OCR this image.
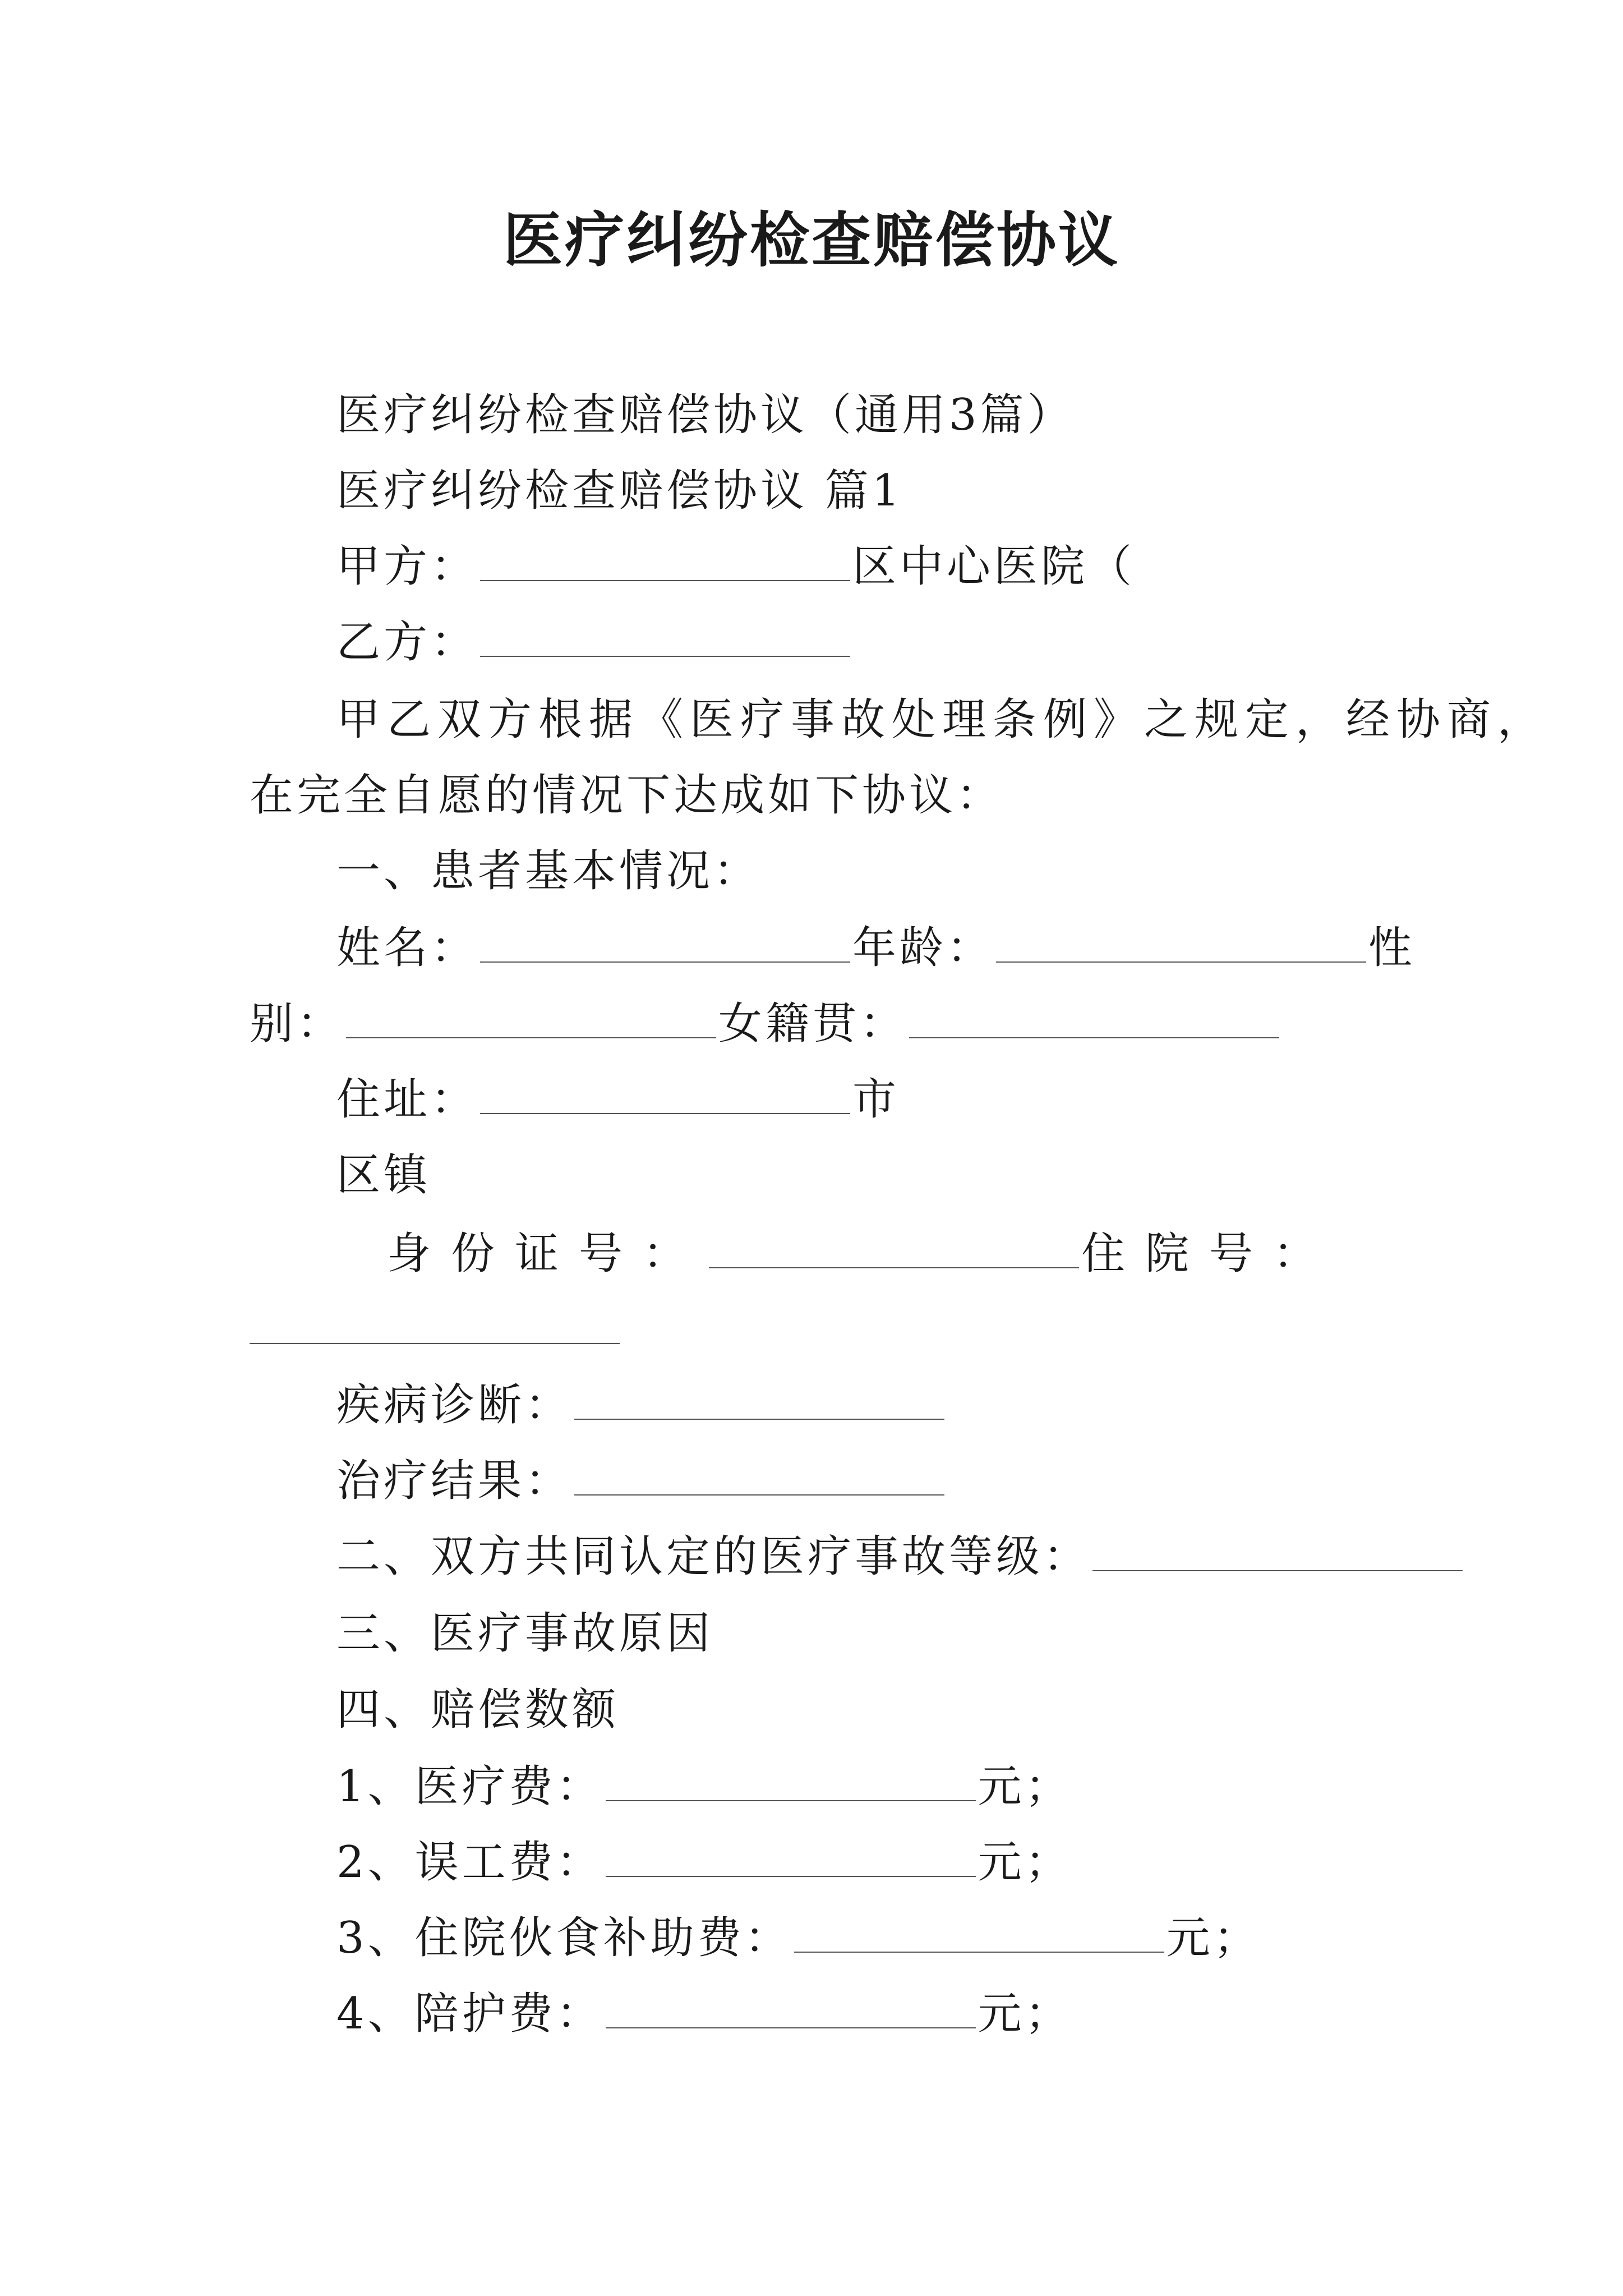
医疗纠纷检查赔偿协议
医疗纠纷检查赔偿协议（通用3篇）
医疗纠纷检查赔偿协议 篇1
甲方：	区中心医院（
乙方：
甲乙双方根据《医疗事故处理条例》之规定，经协商，
在完全自愿的情况下达成如下协议：
一、患者基本情况：
姓名：	年龄：	性
别：	女籍贯：
住址：	市
区镇
身份证号：	住院号：
疾病诊断：
治疗结果：
二、双方共同认定的医疗事故等级：
三、医疗事故原因
四、赔偿数额
1、医疗费：	元；
2、误工费：	元；
3、住院伙食补助费：	元；
4、陪护费：	元；
